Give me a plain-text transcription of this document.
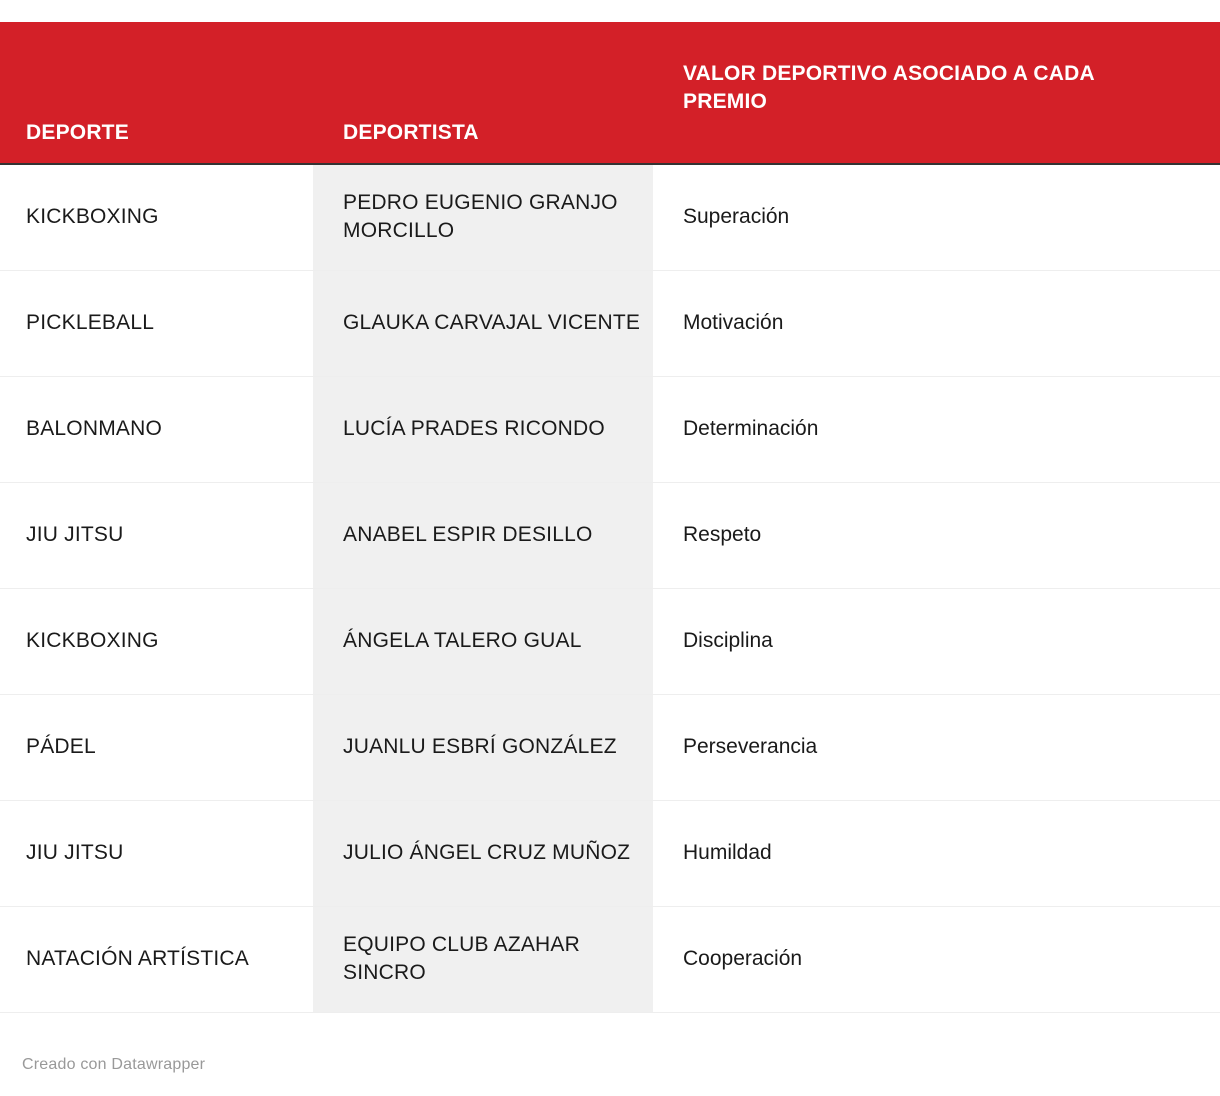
DEPORTE	DEPORTISTA	VALOR DEPORTIVO ASOCIADO A CADA PREMIO
KICKBOXING	PEDRO EUGENIO GRANJO MORCILLO	Superación
PICKLEBALL	GLAUKA CARVAJAL VICENTE	Motivación
BALONMANO	LUCÍA PRADES RICONDO	Determinación
JIU JITSU	ANABEL ESPIR DESILLO	Respeto
KICKBOXING	ÁNGELA TALERO GUAL	Disciplina
PÁDEL	JUANLU ESBRÍ GONZÁLEZ	Perseverancia
JIU JITSU	JULIO ÁNGEL CRUZ MUÑOZ	Humildad
NATACIÓN ARTÍSTICA	EQUIPO CLUB AZAHAR SINCRO	Cooperación
Creado con Datawrapper
